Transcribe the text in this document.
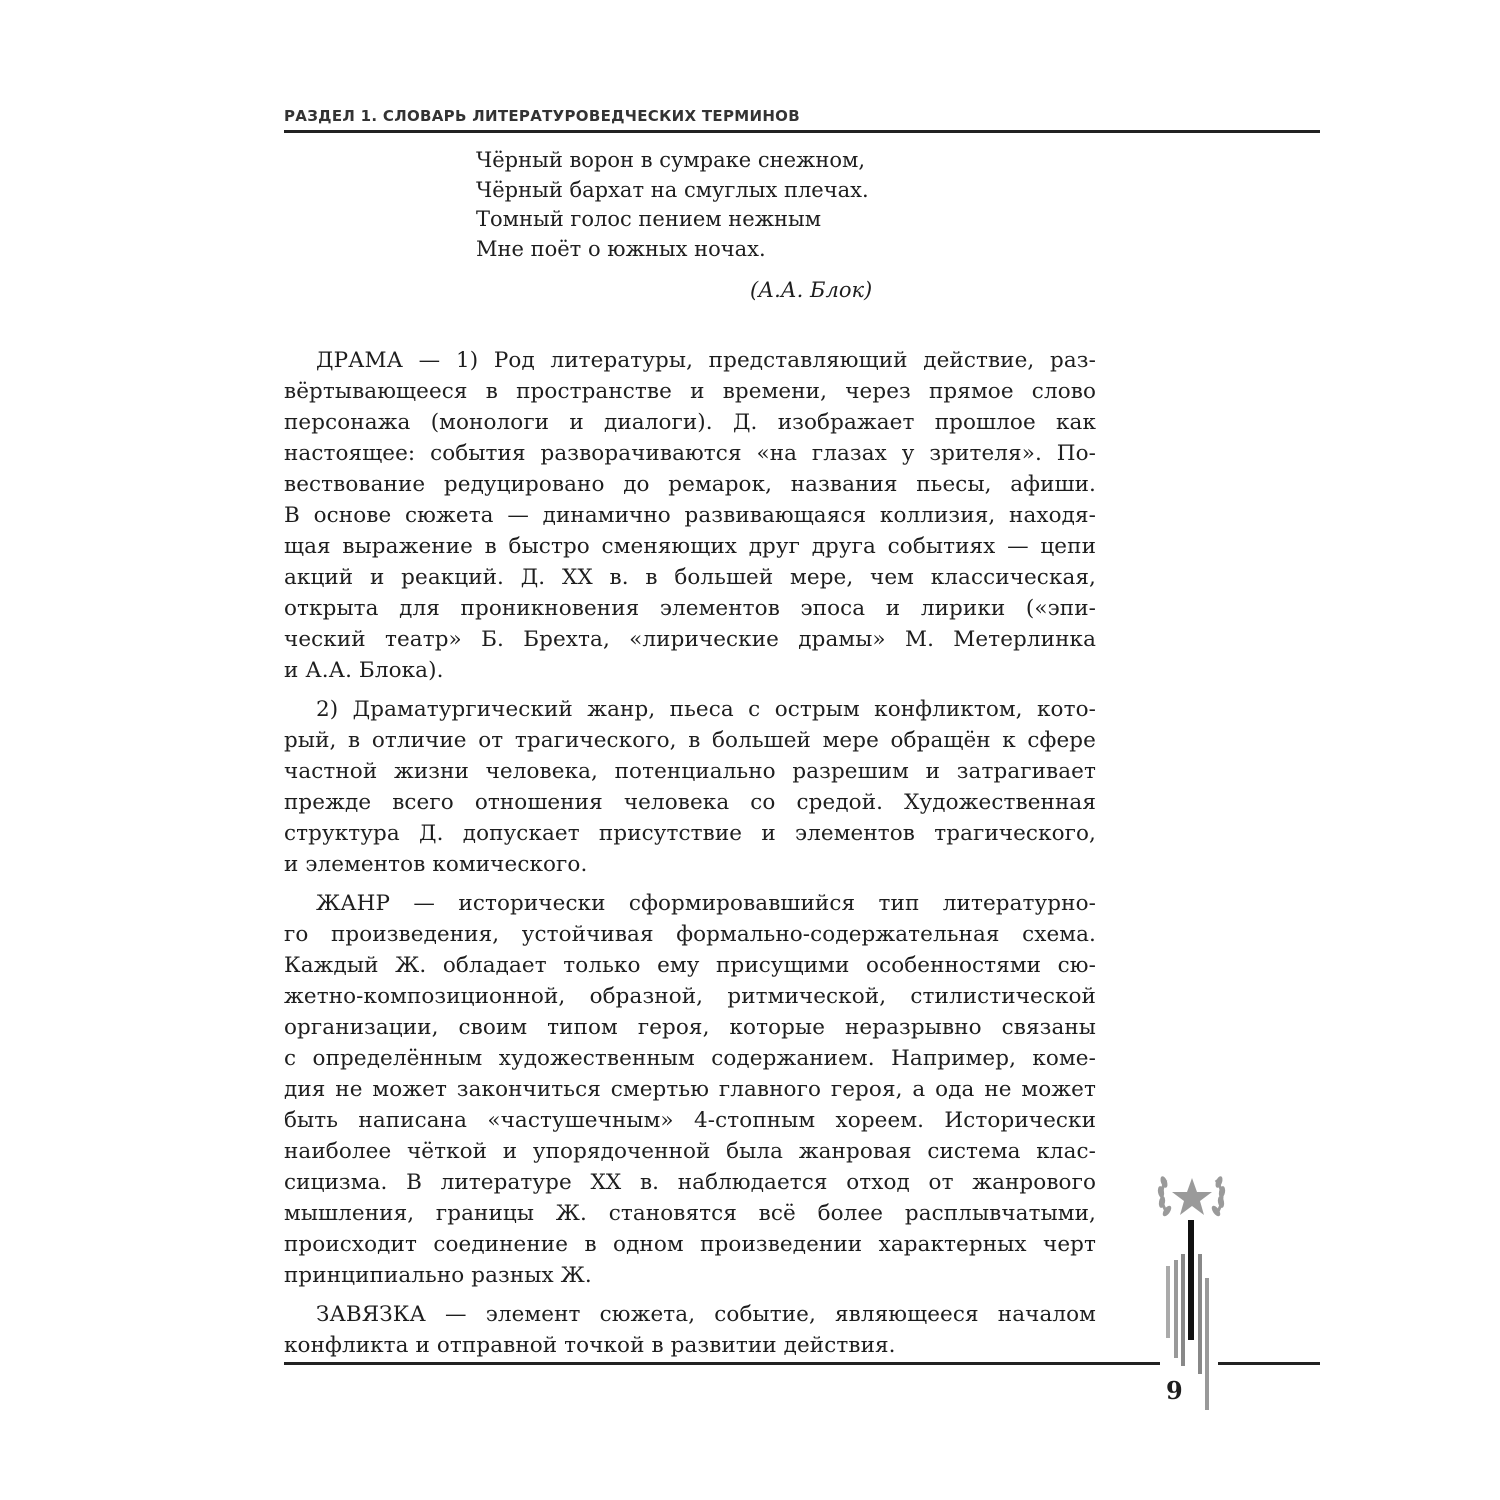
РАЗДЕЛ 1. СЛОВАРЬ ЛИТЕРАТУРОВЕДЧЕСКИХ ТЕРМИНОВ
Чёрный ворон в сумраке снежном,
Чёрный бархат на смуглых плечах.
Томный голос пением нежным
Мне поёт о южных ночах.
(А.А. Блок)
ДРАМА — 1) Род литературы, представляющий действие, раз-
вёртывающееся в пространстве и времени, через прямое слово
персонажа (монологи и диалоги). Д. изображает прошлое как
настоящее: события разворачиваются «на глазах у зрителя». По-
вествование редуцировано до ремарок, названия пьесы, афиши.
В основе сюжета — динамично развивающаяся коллизия, находя-
щая выражение в быстро сменяющих друг друга событиях — цепи
акций и реакций. Д. XX в. в большей мере, чем классическая,
открыта для проникновения элементов эпоса и лирики («эпи-
ческий театр» Б. Брехта, «лирические драмы» М. Метерлинка
и А.А. Блока).
2) Драматургический жанр, пьеса с острым конфликтом, кото-
рый, в отличие от трагического, в большей мере обращён к сфере
частной жизни человека, потенциально разрешим и затрагивает
прежде всего отношения человека со средой. Художественная
структура Д. допускает присутствие и элементов трагического,
и элементов комического.
ЖАНР — исторически сформировавшийся тип литературно-
го произведения, устойчивая формально-содержательная схема.
Каждый Ж. обладает только ему присущими особенностями сю-
жетно-композиционной, образной, ритмической, стилистической
организации, своим типом героя, которые неразрывно связаны
с определённым художественным содержанием. Например, коме-
дия не может закончиться смертью главного героя, а ода не может
быть написана «частушечным» 4-стопным хореем. Исторически
наиболее чёткой и упорядоченной была жанровая система клас-
сицизма. В литературе XX в. наблюдается отход от жанрового
мышления, границы Ж. становятся всё более расплывчатыми,
происходит соединение в одном произведении характерных черт
принципиально разных Ж.
ЗАВЯЗКА — элемент сюжета, событие, являющееся началом
конфликта и отправной точкой в развитии действия.
9
